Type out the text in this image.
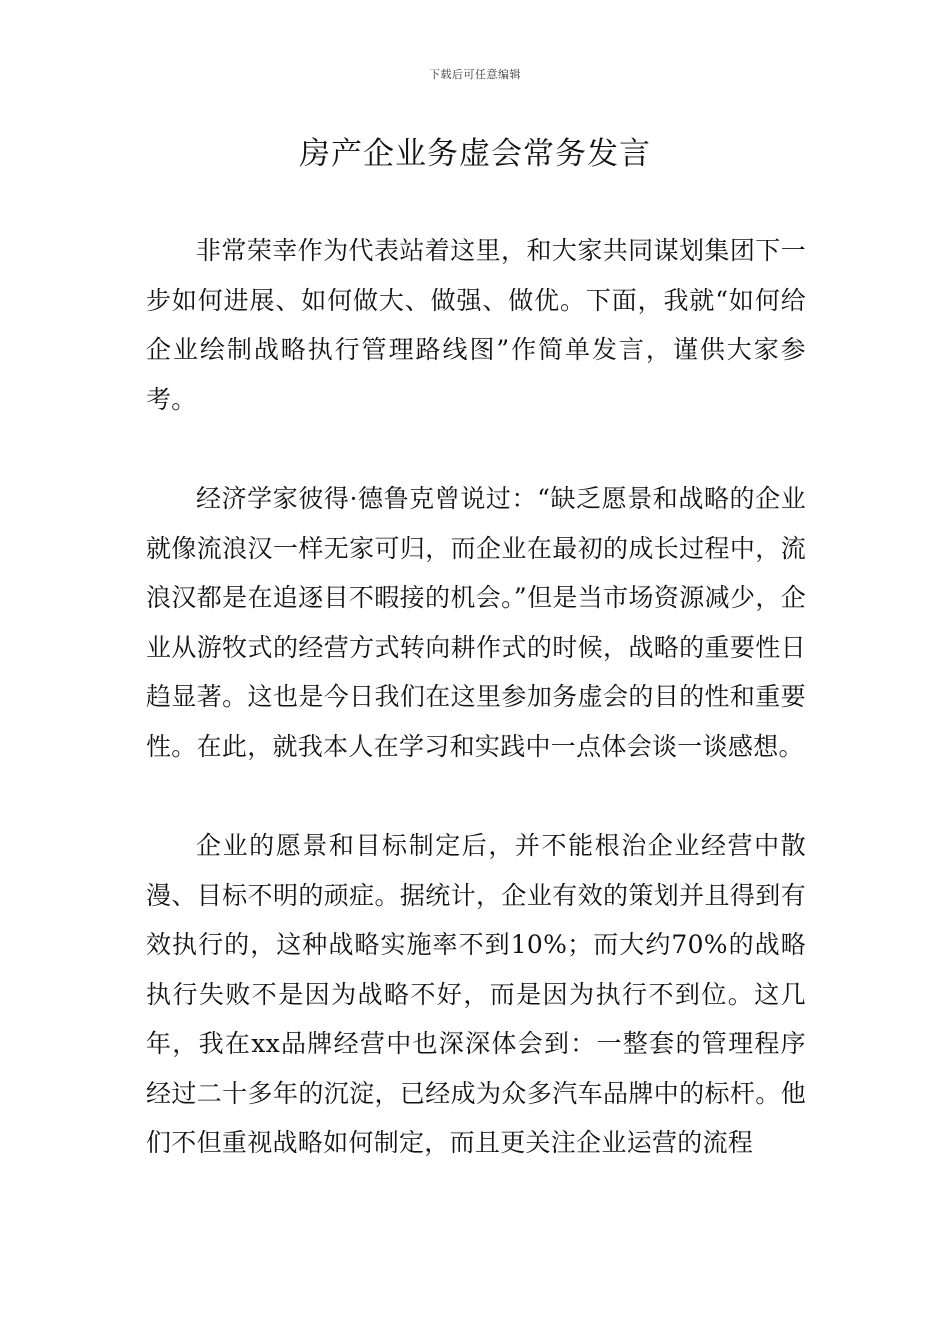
下载后可任意编辑
房产企业务虚会常务发言

非常荣幸作为代表站着这里，和大家共同谋划集团下一步如何进展、如何做大、做强、做优。下面，我就“如何给企业绘制战略执行管理路线图”作简单发言，谨供大家参考。

经济学家彼得·德鲁克曾说过：“缺乏愿景和战略的企业就像流浪汉一样无家可归，而企业在最初的成长过程中，流浪汉都是在追逐目不暇接的机会。”但是当市场资源减少，企业从游牧式的经营方式转向耕作式的时候，战略的重要性日趋显著。这也是今日我们在这里参加务虚会的目的性和重要性。在此，就我本人在学习和实践中一点体会谈一谈感想。

企业的愿景和目标制定后，并不能根治企业经营中散漫、目标不明的顽症。据统计，企业有效的策划并且得到有效执行的，这种战略实施率不到10%；而大约70%的战略执行失败不是因为战略不好，而是因为执行不到位。这几年，我在xx品牌经营中也深深体会到：一整套的管理程序经过二十多年的沉淀，已经成为众多汽车品牌中的标杆。他们不但重视战略如何制定，而且更关注企业运营的流程
